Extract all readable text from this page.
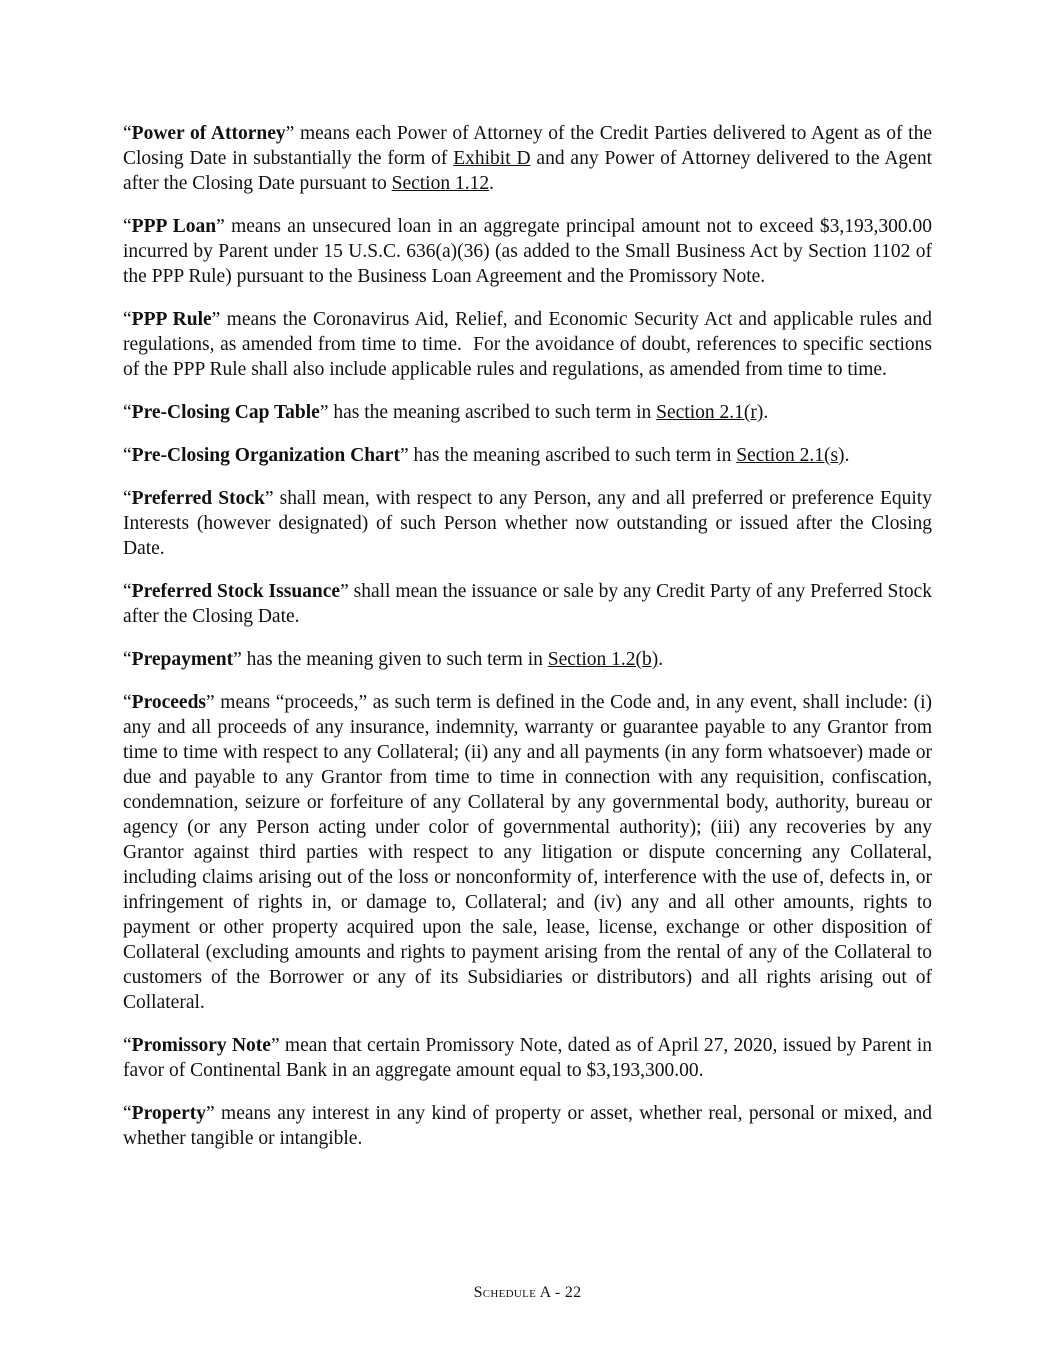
“Power of Attorney” means each Power of Attorney of the Credit Parties delivered to Agent as of the Closing Date in substantially the form of Exhibit D and any Power of Attorney delivered to the Agent after the Closing Date pursuant to Section 1.12.

“PPP Loan” means an unsecured loan in an aggregate principal amount not to exceed $3,193,300.00 incurred by Parent under 15 U.S.C. 636(a)(36) (as added to the Small Business Act by Section 1102 of the PPP Rule) pursuant to the Business Loan Agreement and the Promissory Note.

“PPP Rule” means the Coronavirus Aid, Relief, and Economic Security Act and applicable rules and regulations, as amended from time to time.  For the avoidance of doubt, references to specific sections of the PPP Rule shall also include applicable rules and regulations, as amended from time to time.

“Pre-Closing Cap Table” has the meaning ascribed to such term in Section 2.1(r).

“Pre-Closing Organization Chart” has the meaning ascribed to such term in Section 2.1(s).

“Preferred Stock” shall mean, with respect to any Person, any and all preferred or preference Equity Interests (however designated) of such Person whether now outstanding or issued after the Closing Date.

“Preferred Stock Issuance” shall mean the issuance or sale by any Credit Party of any Preferred Stock after the Closing Date.

“Prepayment” has the meaning given to such term in Section 1.2(b).

“Proceeds” means “proceeds,” as such term is defined in the Code and, in any event, shall include: (i) any and all proceeds of any insurance, indemnity, warranty or guarantee payable to any Grantor from time to time with respect to any Collateral; (ii) any and all payments (in any form whatsoever) made or due and payable to any Grantor from time to time in connection with any requisition, confiscation, condemnation, seizure or forfeiture of any Collateral by any governmental body, authority, bureau or agency (or any Person acting under color of governmental authority); (iii) any recoveries by any Grantor against third parties with respect to any litigation or dispute concerning any Collateral, including claims arising out of the loss or nonconformity of, interference with the use of, defects in, or infringement of rights in, or damage to, Collateral; and (iv) any and all other amounts, rights to payment or other property acquired upon the sale, lease, license, exchange or other disposition of Collateral (excluding amounts and rights to payment arising from the rental of any of the Collateral to customers of the Borrower or any of its Subsidiaries or distributors) and all rights arising out of Collateral.

“Promissory Note” mean that certain Promissory Note, dated as of April 27, 2020, issued by Parent in favor of Continental Bank in an aggregate amount equal to $3,193,300.00.

“Property” means any interest in any kind of property or asset, whether real, personal or mixed, and whether tangible or intangible.

Schedule A - 22
